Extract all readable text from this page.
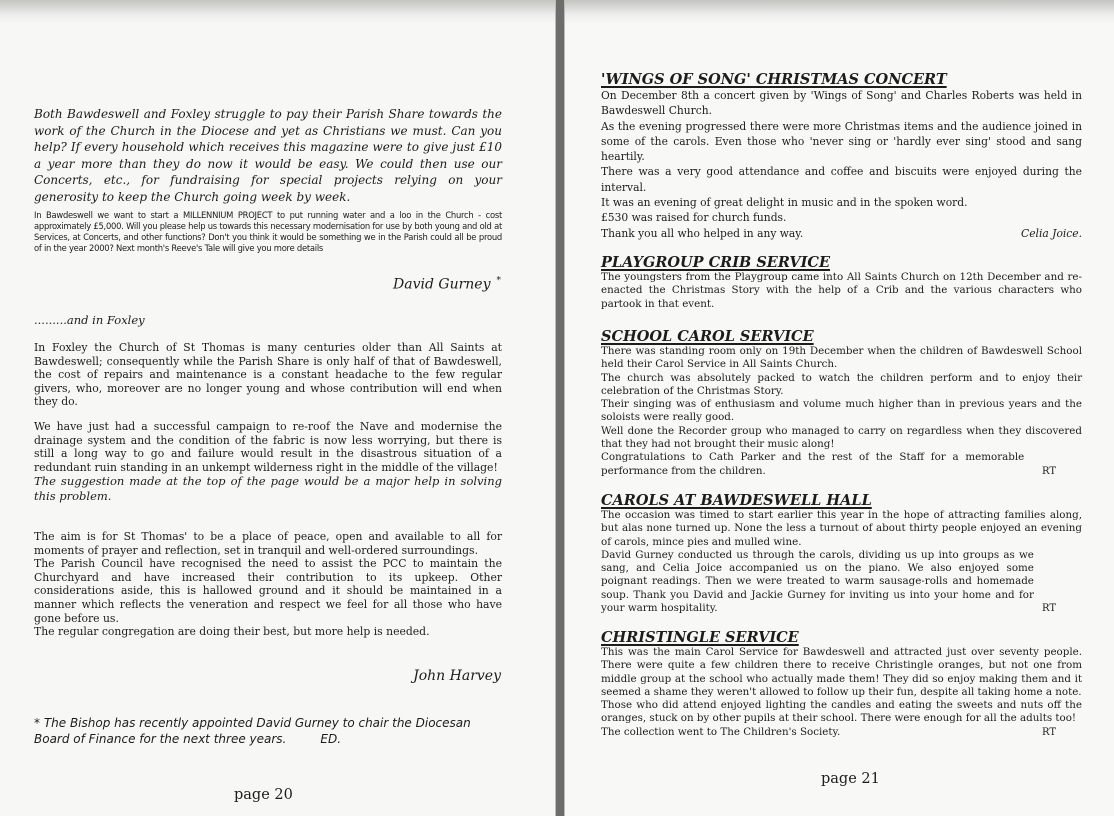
Both Bawdeswell and Foxley struggle to pay their Parish Share towards the work of the Church in the Diocese and yet as Christians we must. Can you help? If every household which receives this magazine were to give just £10 a year more than they do now it would be easy. We could then use our Concerts, etc., for fundraising for special projects relying on your generosity to keep the Church going week by week.

In Bawdeswell we want to start a MILLENNIUM PROJECT to put running water and a loo in the Church - cost approximately £5,000. Will you please help us towards this necessary modernisation for use by both young and old at Services, at Concerts, and other functions? Don't you think it would be something we in the Parish could all be proud of in the year 2000? Next month's Reeve's Tale will give you more details

David Gurney *

.........and in Foxley

In Foxley the Church of St Thomas is many centuries older than All Saints at Bawdeswell; consequently while the Parish Share is only half of that of Bawdeswell, the cost of repairs and maintenance is a constant headache to the few regular givers, who, moreover are no longer young and whose contribution will end when they do.

We have just had a successful campaign to re-roof the Nave and modernise the drainage system and the condition of the fabric is now less worrying, but there is still a long way to go and failure would result in the disastrous situation of a redundant ruin standing in an unkempt wilderness right in the middle of the village!
The suggestion made at the top of the page would be a major help in solving this problem.
The aim is for St Thomas' to be a place of peace, open and available to all for moments of prayer and reflection, set in tranquil and well-ordered surroundings.
The Parish Council have recognised the need to assist the PCC to maintain the Churchyard and have increased their contribution to its upkeep. Other considerations aside, this is hallowed ground and it should be maintained in a manner which reflects the veneration and respect we feel for all those who have gone before us.
The regular congregation are doing their best, but more help is needed.

John Harvey

* The Bishop has recently appointed David Gurney to chair the Diocesan Board of Finance for the next three years.	ED.

page 20

'WINGS OF SONG' CHRISTMAS CONCERT

On December 8th a concert given by 'Wings of Song' and Charles Roberts was held in Bawdeswell Church.

As the evening progressed there were more Christmas items and the audience joined in some of the carols. Even those who 'never sing or 'hardly ever sing' stood and sang heartily.

There was a very good attendance and coffee and biscuits were enjoyed during the interval.

It was an evening of great delight in music and in the spoken word.

£530 was raised for church funds.

Thank you all who helped in any way.	Celia Joice.
PLAYGROUP CRIB SERVICE

The youngsters from the Playgroup came into All Saints Church on 12th December and re-enacted the Christmas Story with the help of a Crib and the various characters who partook in that event.

SCHOOL CAROL SERVICE

There was standing room only on 19th December when the children of Bawdeswell School held their Carol Service in All Saints Church.

The church was absolutely packed to watch the children perform and to enjoy their celebration of the Christmas Story.

Their singing was of enthusiasm and volume much higher than in previous years and the soloists were really good.

Well done the Recorder group who managed to carry on regardless when they discovered that they had not brought their music along!

Congratulations to Cath Parker and the rest of the Staff for a memorable performance from the children.	RT
CAROLS AT BAWDESWELL HALL

The occasion was timed to start earlier this year in the hope of attracting families along, but alas none turned up. None the less a turnout of about thirty people enjoyed an evening of carols, mince pies and mulled wine.

David Gurney conducted us through the carols, dividing us up into groups as we sang, and Celia Joice accompanied us on the piano. We also enjoyed some poignant readings. Then we were treated to warm sausage-rolls and homemade soup. Thank you David and Jackie Gurney for inviting us into your home and for your warm hospitality.	RT
CHRISTINGLE SERVICE

This was the main Carol Service for Bawdeswell and attracted just over seventy people. There were quite a few children there to receive Christingle oranges, but not one from middle group at the school who actually made them! They did so enjoy making them and it seemed a shame they weren't allowed to follow up their fun, despite all taking home a note.

Those who did attend enjoyed lighting the candles and eating the sweets and nuts off the oranges, stuck on by other pupils at their school. There were enough for all the adults too!

The collection went to The Children's Society.	RT

page 21
